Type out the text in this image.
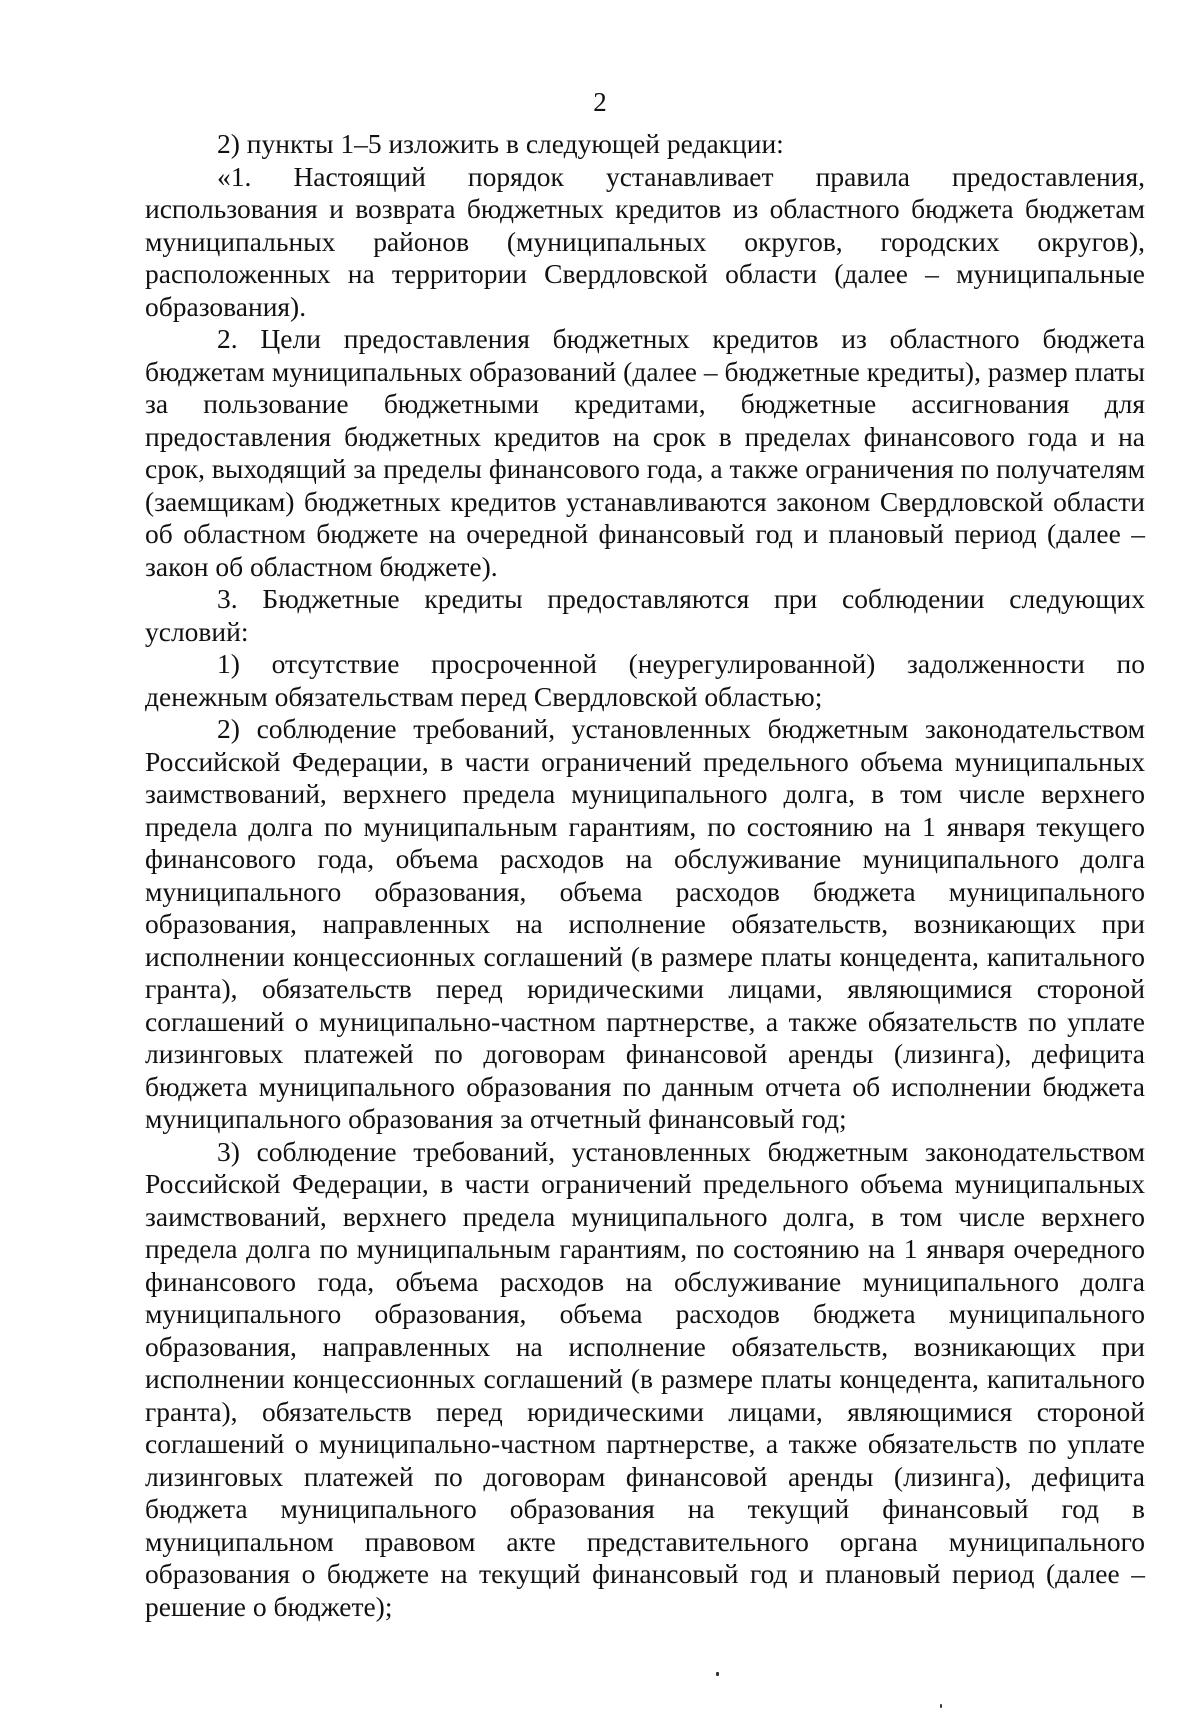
2

2) пункты 1–5 изложить в следующей редакции:

«1. Настоящий порядок устанавливает правила предоставления, использования и возврата бюджетных кредитов из областного бюджета бюджетам муниципальных районов (муниципальных округов, городских округов), расположенных на территории Свердловской области (далее – муниципальные образования).

2. Цели предоставления бюджетных кредитов из областного бюджета бюджетам муниципальных образований (далее – бюджетные кредиты), размер платы за пользование бюджетными кредитами, бюджетные ассигнования для предоставления бюджетных кредитов на срок в пределах финансового года и на срок, выходящий за пределы финансового года, а также ограничения по получателям (заемщикам) бюджетных кредитов устанавливаются законом Свердловской области об областном бюджете на очередной финансовый год и плановый период (далее – закон об областном бюджете).

3. Бюджетные кредиты предоставляются при соблюдении следующих условий:

1) отсутствие просроченной (неурегулированной) задолженности по денежным обязательствам перед Свердловской областью;

2) соблюдение требований, установленных бюджетным законодательством Российской Федерации, в части ограничений предельного объема муниципальных заимствований, верхнего предела муниципального долга, в том числе верхнего предела долга по муниципальным гарантиям, по состоянию на 1 января текущего финансового года, объема расходов на обслуживание муниципального долга муниципального образования, объема расходов бюджета муниципального образования, направленных на исполнение обязательств, возникающих при исполнении концессионных соглашений (в размере платы концедента, капитального гранта), обязательств перед юридическими лицами, являющимися стороной соглашений о муниципально-частном партнерстве, а также обязательств по уплате лизинговых платежей по договорам финансовой аренды (лизинга), дефицита бюджета муниципального образования по данным отчета об исполнении бюджета муниципального образования за отчетный финансовый год;

3) соблюдение требований, установленных бюджетным законодательством Российской Федерации, в части ограничений предельного объема муниципальных заимствований, верхнего предела муниципального долга, в том числе верхнего предела долга по муниципальным гарантиям, по состоянию на 1 января очередного финансового года, объема расходов на обслуживание муниципального долга муниципального образования, объема расходов бюджета муниципального образования, направленных на исполнение обязательств, возникающих при исполнении концессионных соглашений (в размере платы концедента, капитального гранта), обязательств перед юридическими лицами, являющимися стороной соглашений о муниципально-частном партнерстве, а также обязательств по уплате лизинговых платежей по договорам финансовой аренды (лизинга), дефицита бюджета муниципального образования на текущий финансовый год в муниципальном правовом акте представительного органа муниципального образования о бюджете на текущий финансовый год и плановый период (далее – решение о бюджете);
